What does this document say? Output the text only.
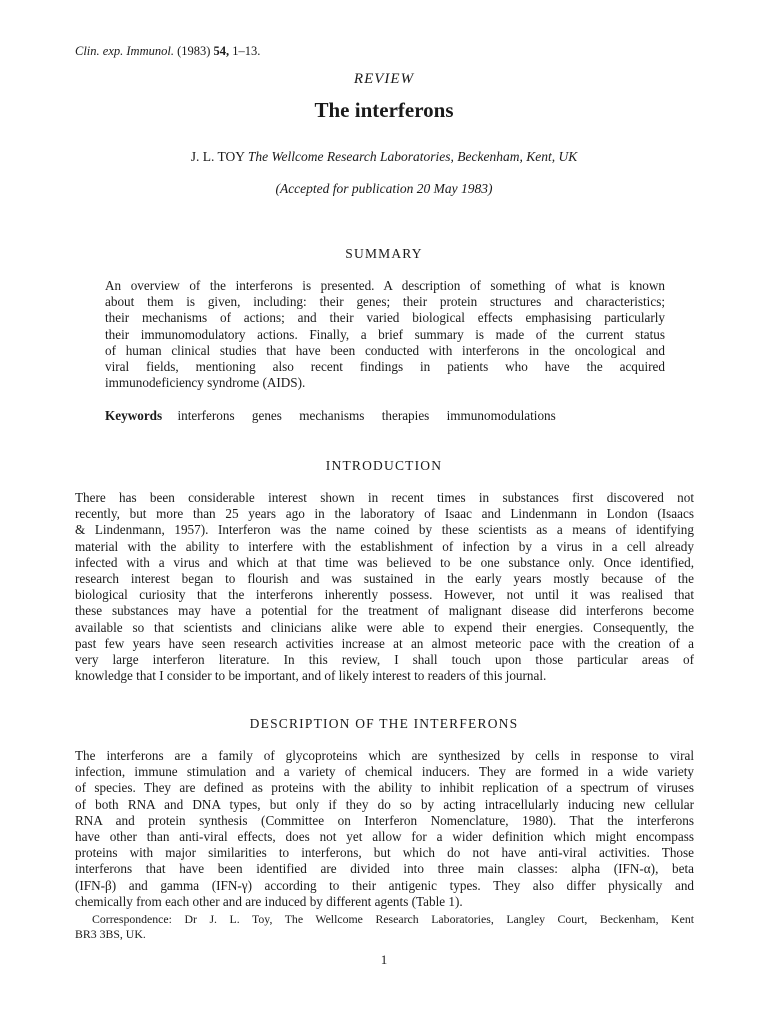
Clin. exp. Immunol. (1983) 54, 1–13.
REVIEW
The interferons
J. L. TOY The Wellcome Research Laboratories, Beckenham, Kent, UK
(Accepted for publication 20 May 1983)
SUMMARY
An overview of the interferons is presented. A description of something of what is known
about them is given, including: their genes; their protein structures and characteristics;
their mechanisms of actions; and their varied biological effects emphasising particularly
their immunomodulatory actions. Finally, a brief summary is made of the current status
of human clinical studies that have been conducted with interferons in the oncological and
viral fields, mentioning also recent findings in patients who have the acquired
immunodeficiency syndrome (AIDS).
Keywords interferons genes mechanisms therapies immunomodulations
INTRODUCTION
There has been considerable interest shown in recent times in substances first discovered not
recently, but more than 25 years ago in the laboratory of Isaac and Lindenmann in London (Isaacs
& Lindenmann, 1957). Interferon was the name coined by these scientists as a means of identifying
material with the ability to interfere with the establishment of infection by a virus in a cell already
infected with a virus and which at that time was believed to be one substance only. Once identified,
research interest began to flourish and was sustained in the early years mostly because of the
biological curiosity that the interferons inherently possess. However, not until it was realised that
these substances may have a potential for the treatment of malignant disease did interferons become
available so that scientists and clinicians alike were able to expend their energies. Consequently, the
past few years have seen research activities increase at an almost meteoric pace with the creation of a
very large interferon literature. In this review, I shall touch upon those particular areas of
knowledge that I consider to be important, and of likely interest to readers of this journal.
DESCRIPTION OF THE INTERFERONS
The interferons are a family of glycoproteins which are synthesized by cells in response to viral
infection, immune stimulation and a variety of chemical inducers. They are formed in a wide variety
of species. They are defined as proteins with the ability to inhibit replication of a spectrum of viruses
of both RNA and DNA types, but only if they do so by acting intracellularly inducing new cellular
RNA and protein synthesis (Committee on Interferon Nomenclature, 1980). That the interferons
have other than anti-viral effects, does not yet allow for a wider definition which might encompass
proteins with major similarities to interferons, but which do not have anti-viral activities. Those
interferons that have been identified are divided into three main classes: alpha (IFN-α), beta
(IFN-β) and gamma (IFN-γ) according to their antigenic types. They also differ physically and
chemically from each other and are induced by different agents (Table 1).
Correspondence: Dr J. L. Toy, The Wellcome Research Laboratories, Langley Court, Beckenham, Kent
BR3 3BS, UK.
1
